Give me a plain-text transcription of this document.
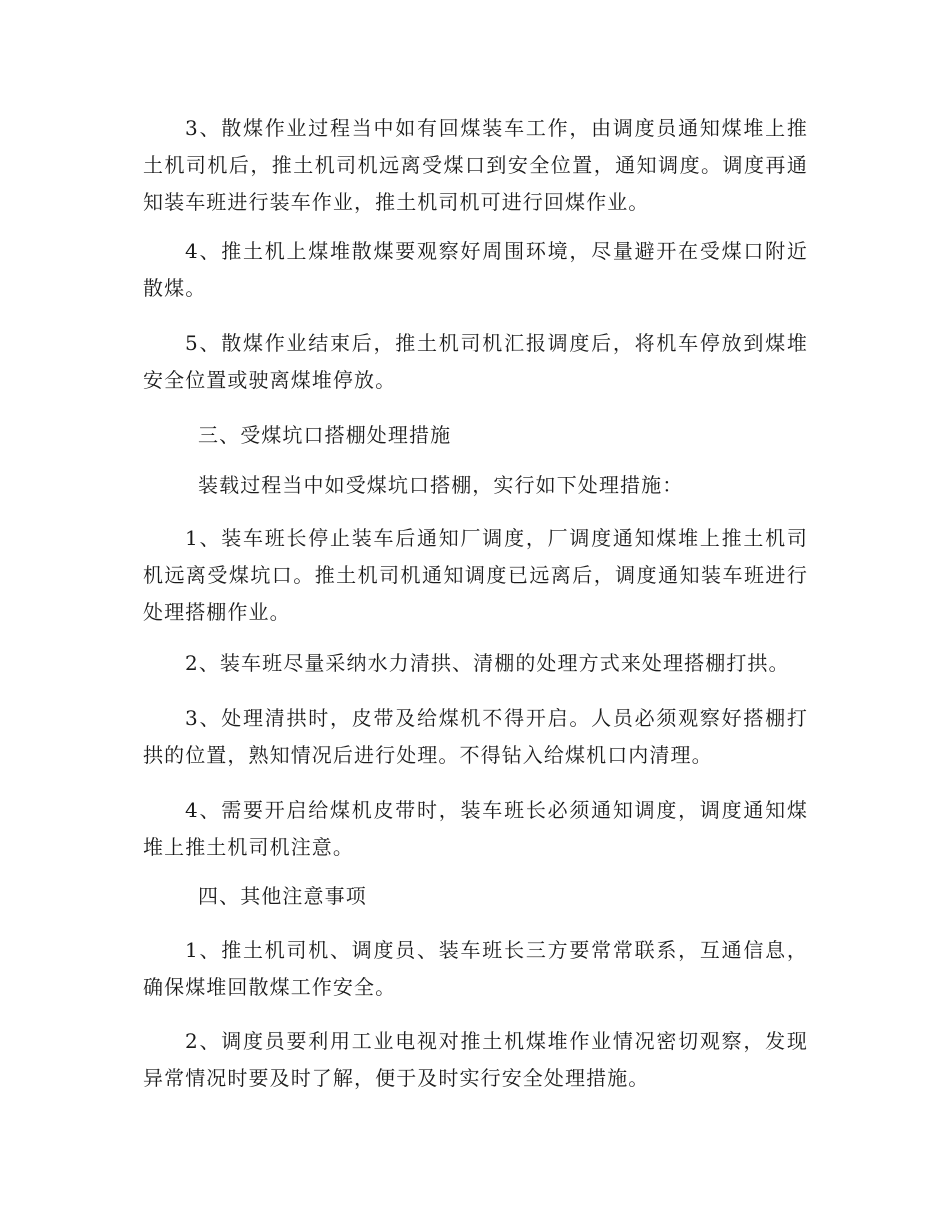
3、散煤作业过程当中如有回煤装车工作，由调度员通知煤堆上推土机司机后，推土机司机远离受煤口到安全位置，通知调度。调度再通知装车班进行装车作业，推土机司机可进行回煤作业。

4、推土机上煤堆散煤要观察好周围环境，尽量避开在受煤口附近散煤。

5、散煤作业结束后，推土机司机汇报调度后，将机车停放到煤堆安全位置或驶离煤堆停放。

三、受煤坑口搭棚处理措施

装载过程当中如受煤坑口搭棚，实行如下处理措施：

1、装车班长停止装车后通知厂调度，厂调度通知煤堆上推土机司机远离受煤坑口。推土机司机通知调度已远离后，调度通知装车班进行处理搭棚作业。

2、装车班尽量采纳水力清拱、清棚的处理方式来处理搭棚打拱。

3、处理清拱时，皮带及给煤机不得开启。人员必须观察好搭棚打拱的位置，熟知情况后进行处理。不得钻入给煤机口内清理。

4、需要开启给煤机皮带时，装车班长必须通知调度，调度通知煤堆上推土机司机注意。

四、其他注意事项

1、推土机司机、调度员、装车班长三方要常常联系，互通信息，确保煤堆回散煤工作安全。

2、调度员要利用工业电视对推土机煤堆作业情况密切观察，发现异常情况时要及时了解，便于及时实行安全处理措施。
